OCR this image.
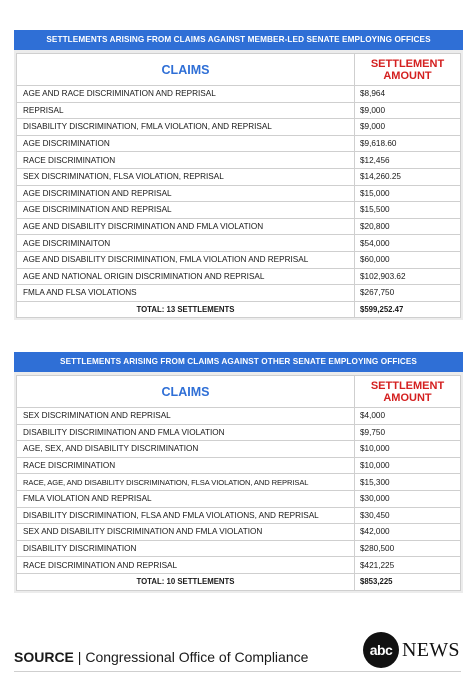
SETTLEMENTS ARISING FROM CLAIMS AGAINST MEMBER-LED SENATE EMPLOYING OFFICES
CLAIMS	SETTLEMENT
AMOUNT

AGE AND RACE DISCRIMINATION AND REPRISAL	$8,964
REPRISAL	$9,000
DISABILITY DISCRIMINATION, FMLA VIOLATION, AND REPRISAL	$9,000
AGE DISCRIMINATION	$9,618.60
RACE DISCRIMINATION	$12,456
SEX DISCRIMINATION, FLSA VIOLATION, REPRISAL	$14,260.25
AGE DISCRIMINATION AND REPRISAL	$15,000
AGE DISCRIMINATION AND REPRISAL	$15,500
AGE AND DISABILITY DISCRIMINATION AND FMLA VIOLATION	$20,800
AGE DISCRIMINAITON	$54,000
AGE AND DISABILITY DISCRIMINATION, FMLA VIOLATION AND REPRISAL	$60,000
AGE AND NATIONAL ORIGIN DISCRIMINATION AND REPRISAL	$102,903.62
FMLA AND FLSA VIOLATIONS	$267,750
TOTAL: 13 SETTLEMENTS	$599,252.47
SETTLEMENTS ARISING FROM CLAIMS AGAINST OTHER SENATE EMPLOYING OFFICES
CLAIMS	SETTLEMENT
AMOUNT

SEX DISCRIMINATION AND REPRISAL	$4,000
DISABILITY DISCRIMINATION AND FMLA VIOLATION	$9,750
AGE, SEX, AND DISABILITY DISCRIMINATION	$10,000
RACE DISCRIMINATION	$10,000
RACE, AGE, AND DISABILITY DISCRIMINATION, FLSA VIOLATION, AND REPRISAL	$15,300
FMLA VIOLATION AND REPRISAL	$30,000
DISABILITY DISCRIMINATION, FLSA AND FMLA VIOLATIONS, AND REPRISAL	$30,450
SEX AND DISABILITY DISCRIMINATION AND FMLA VIOLATION	$42,000
DISABILITY DISCRIMINATION	$280,500
RACE DISCRIMINATION AND REPRISAL	$421,225
TOTAL: 10 SETTLEMENTS	$853,225
SOURCE | Congressional Office of Compliance	abc NEWS
